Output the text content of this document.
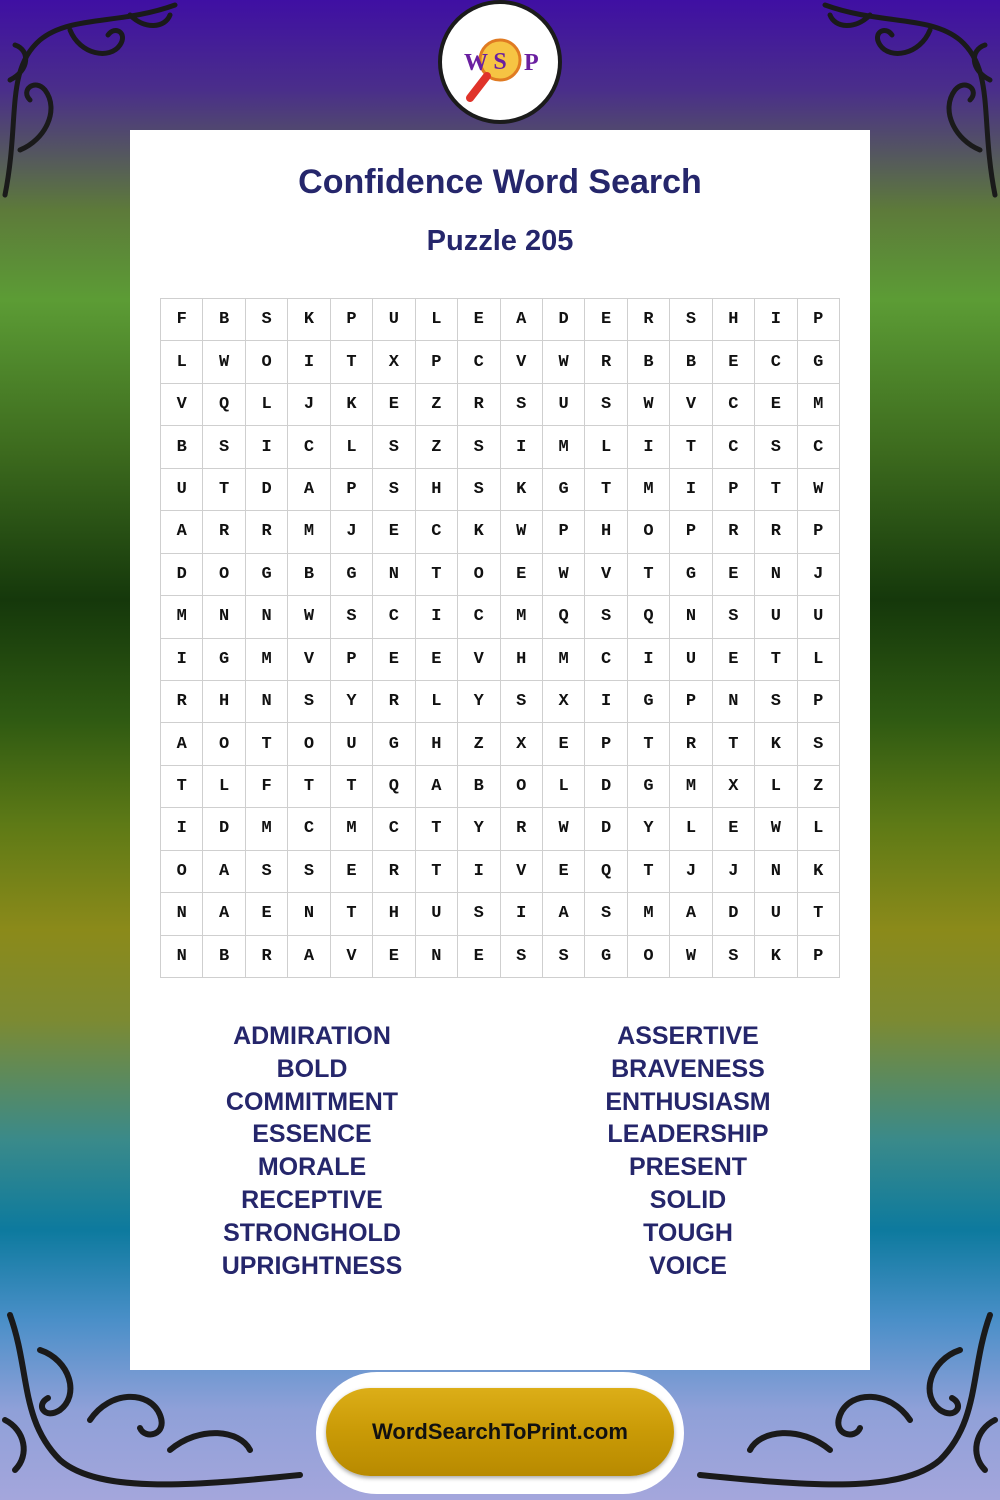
W S P
Confidence Word Search
Puzzle 205
F	B	S	K	P	U	L	E	A	D	E	R	S	H	I	P
L	W	O	I	T	X	P	C	V	W	R	B	B	E	C	G
V	Q	L	J	K	E	Z	R	S	U	S	W	V	C	E	M
B	S	I	C	L	S	Z	S	I	M	L	I	T	C	S	C
U	T	D	A	P	S	H	S	K	G	T	M	I	P	T	W
A	R	R	M	J	E	C	K	W	P	H	O	P	R	R	P
D	O	G	B	G	N	T	O	E	W	V	T	G	E	N	J
M	N	N	W	S	C	I	C	M	Q	S	Q	N	S	U	U
I	G	M	V	P	E	E	V	H	M	C	I	U	E	T	L
R	H	N	S	Y	R	L	Y	S	X	I	G	P	N	S	P
A	O	T	O	U	G	H	Z	X	E	P	T	R	T	K	S
T	L	F	T	T	Q	A	B	O	L	D	G	M	X	L	Z
I	D	M	C	M	C	T	Y	R	W	D	Y	L	E	W	L
O	A	S	S	E	R	T	I	V	E	Q	T	J	J	N	K
N	A	E	N	T	H	U	S	I	A	S	M	A	D	U	T
N	B	R	A	V	E	N	E	S	S	G	O	W	S	K	P
ADMIRATION
BOLD
COMMITMENT
ESSENCE
MORALE
RECEPTIVE
STRONGHOLD
UPRIGHTNESS
ASSERTIVE
BRAVENESS
ENTHUSIASM
LEADERSHIP
PRESENT
SOLID
TOUGH
VOICE
WordSearchToPrint.com
